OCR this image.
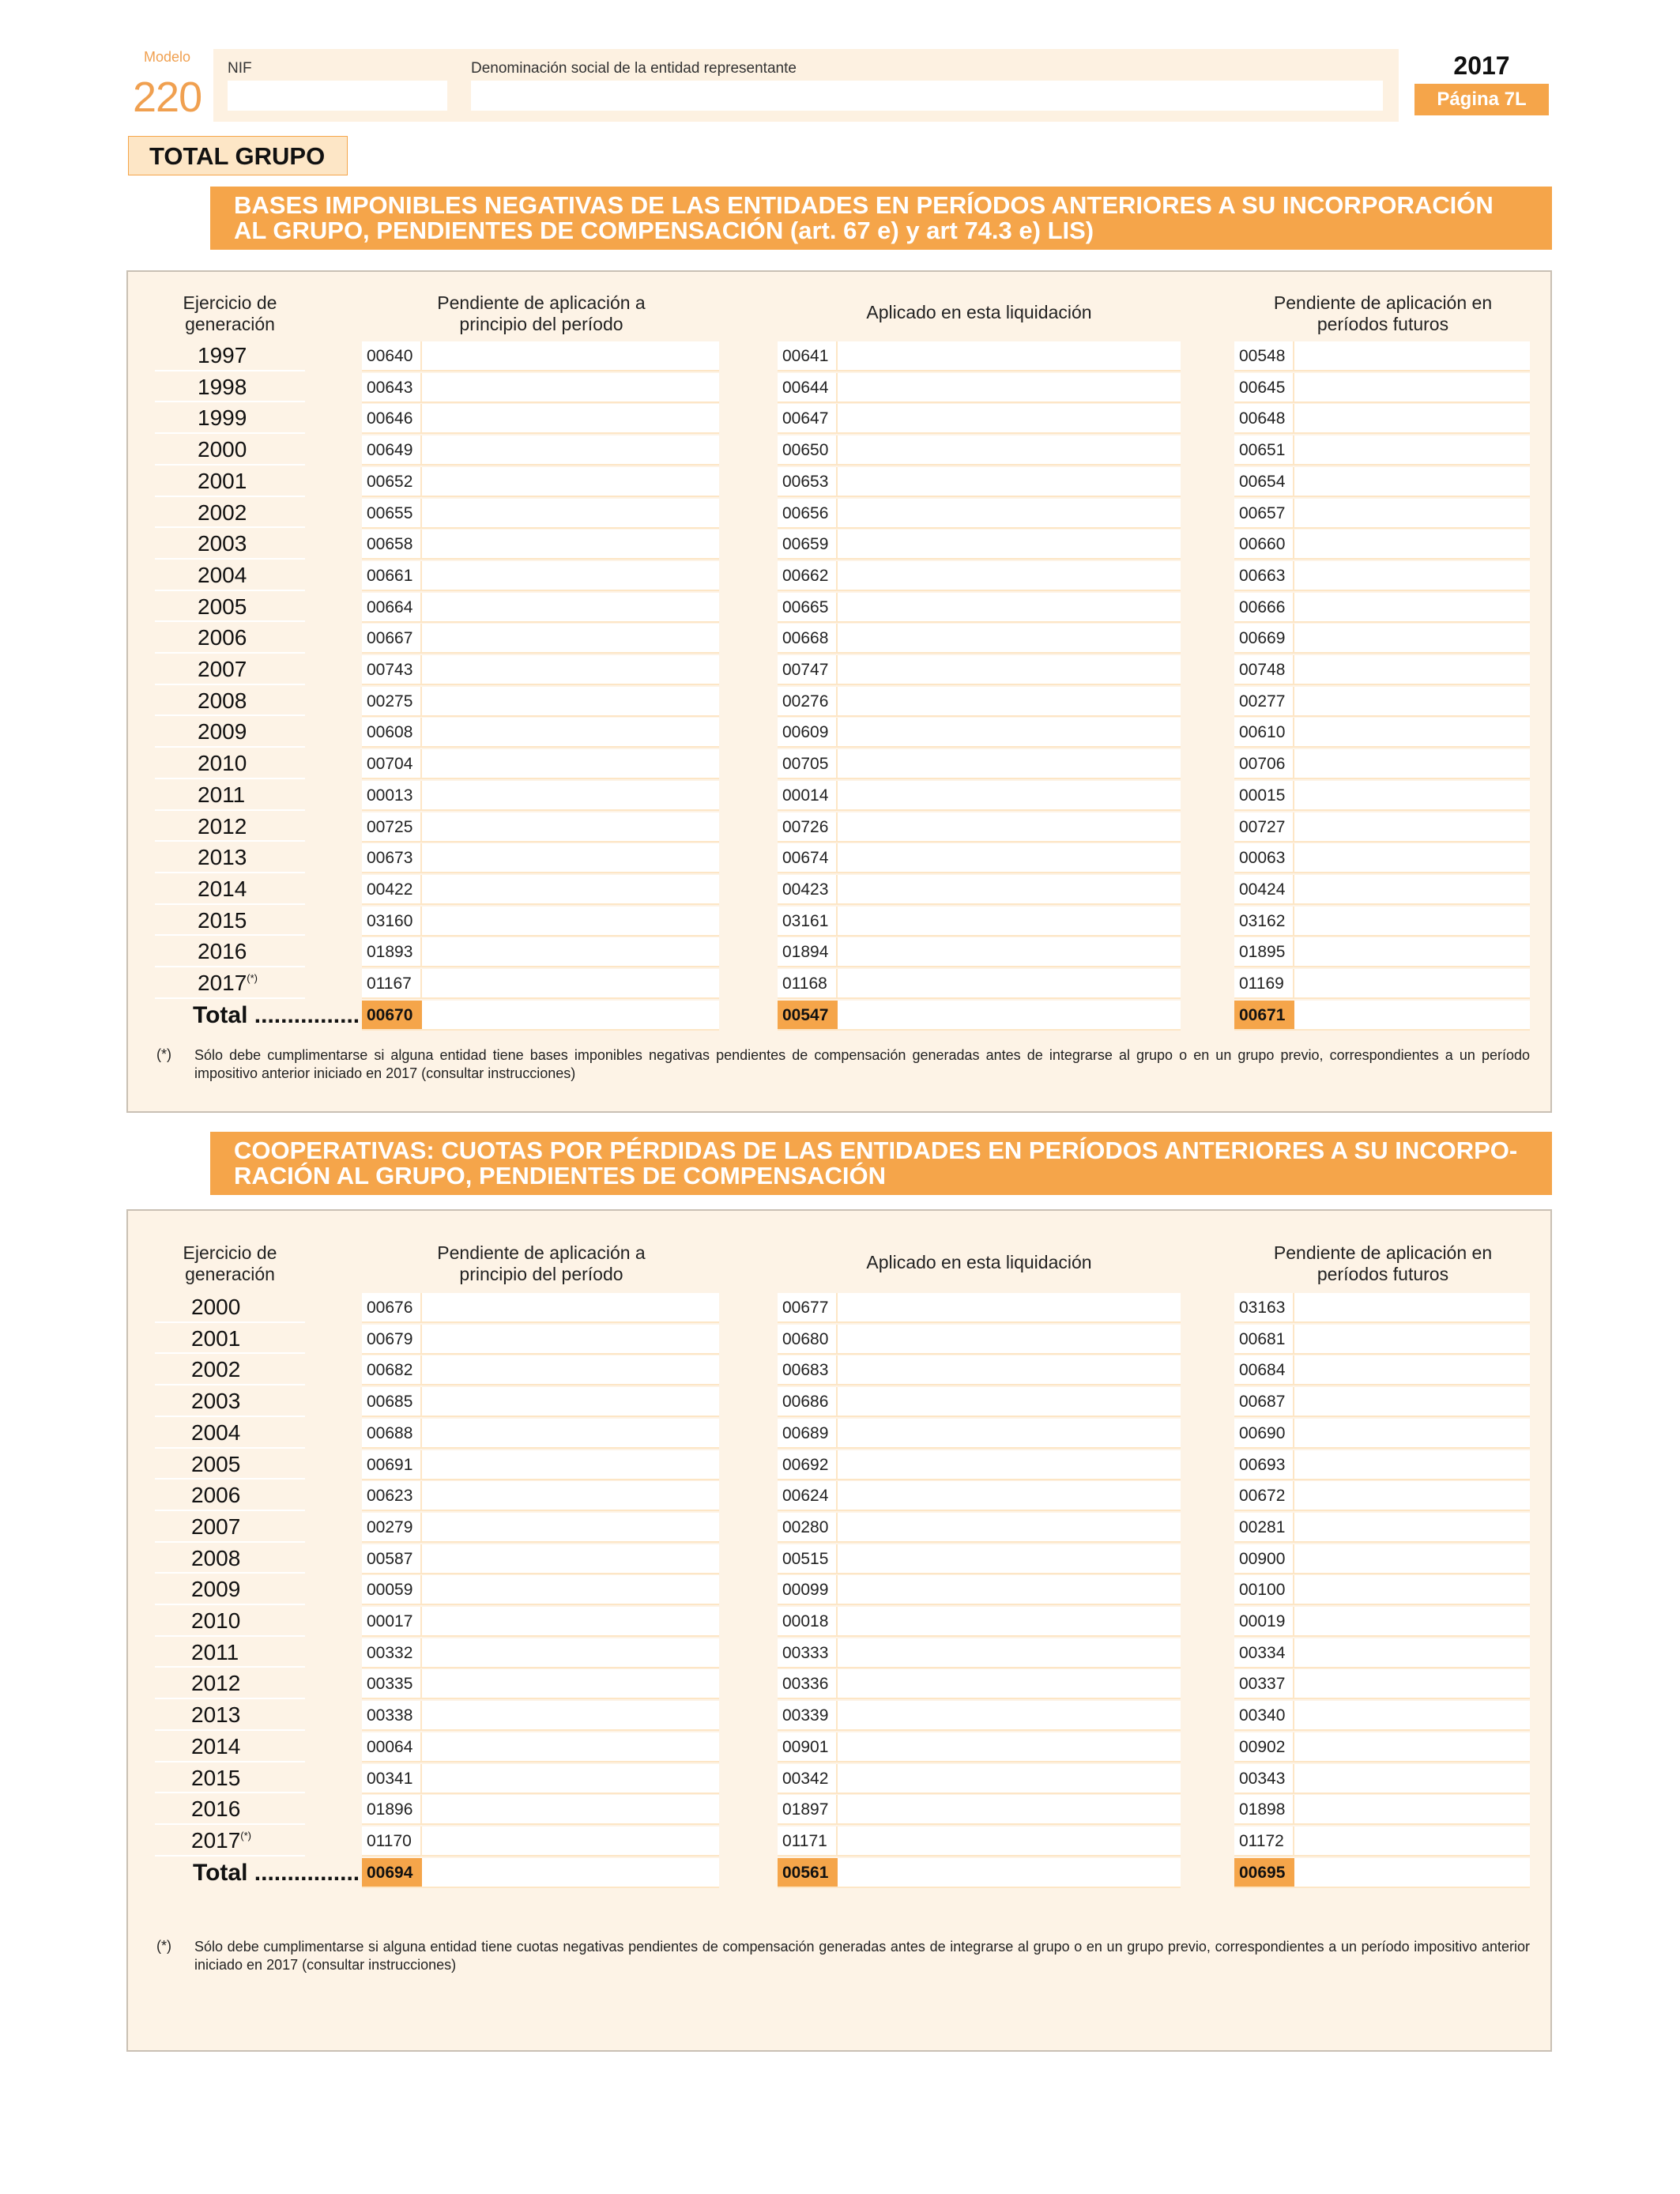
Modelo
220
NIF	Denominación social de la entidad representante	2017
Página 7L
TOTAL GRUPO
BASES IMPONIBLES NEGATIVAS DE LAS ENTIDADES EN PERÍODOS ANTERIORES A SU INCORPORACIÓN
AL GRUPO, PENDIENTES DE COMPENSACIÓN (art. 67 e) y art 74.3 e) LIS)
Ejercicio de
generación
Pendiente de aplicación a
principio del período
Aplicado en esta liquidación	Pendiente de aplicación en
períodos futuros
1997	00640	00641	00548
1998	00643	00644	00645
1999	00646	00647	00648
2000	00649	00650	00651
2001	00652	00653	00654
2002	00655	00656	00657
2003	00658	00659	00660
2004	00661	00662	00663
2005	00664	00665	00666
2006	00667	00668	00669
2007	00743	00747	00748
2008	00275	00276	00277
2009	00608	00609	00610
2010	00704	00705	00706
2011	00013	00014	00015
2012	00725	00726	00727
2013	00673	00674	00063
2014	00422	00423	00424
2015	03160	03161	03162
2016	01893	01894	01895
2017(*)	01167	01168	01169
Total ................ 00670	00547	00671
(*) Sólo debe cumplimentarse si alguna entidad tiene bases imponibles negativas pendientes de compensación generadas antes de integrarse al grupo o en un grupo previo, correspondientes a un período impositivo anterior iniciado en 2017 (consultar instrucciones)
COOPERATIVAS: CUOTAS POR PÉRDIDAS DE LAS ENTIDADES EN PERÍODOS ANTERIORES A SU INCORPO-
RACIÓN AL GRUPO, PENDIENTES DE COMPENSACIÓN
Ejercicio de
generación
Pendiente de aplicación a
principio del período
Aplicado en esta liquidación	Pendiente de aplicación en
períodos futuros
2000	00676	00677	03163
2001	00679	00680	00681
2002	00682	00683	00684
2003	00685	00686	00687
2004	00688	00689	00690
2005	00691	00692	00693
2006	00623	00624	00672
2007	00279	00280	00281
2008	00587	00515	00900
2009	00059	00099	00100
2010	00017	00018	00019
2011	00332	00333	00334
2012	00335	00336	00337
2013	00338	00339	00340
2014	00064	00901	00902
2015	00341	00342	00343
2016	01896	01897	01898
2017(*)	01170	01171	01172
Total ................ 00694	00561	00695
(*) Sólo debe cumplimentarse si alguna entidad tiene cuotas negativas pendientes de compensación generadas antes de integrarse al grupo o en un grupo previo, correspondientes a un período impositivo anterior iniciado en 2017 (consultar instrucciones)
